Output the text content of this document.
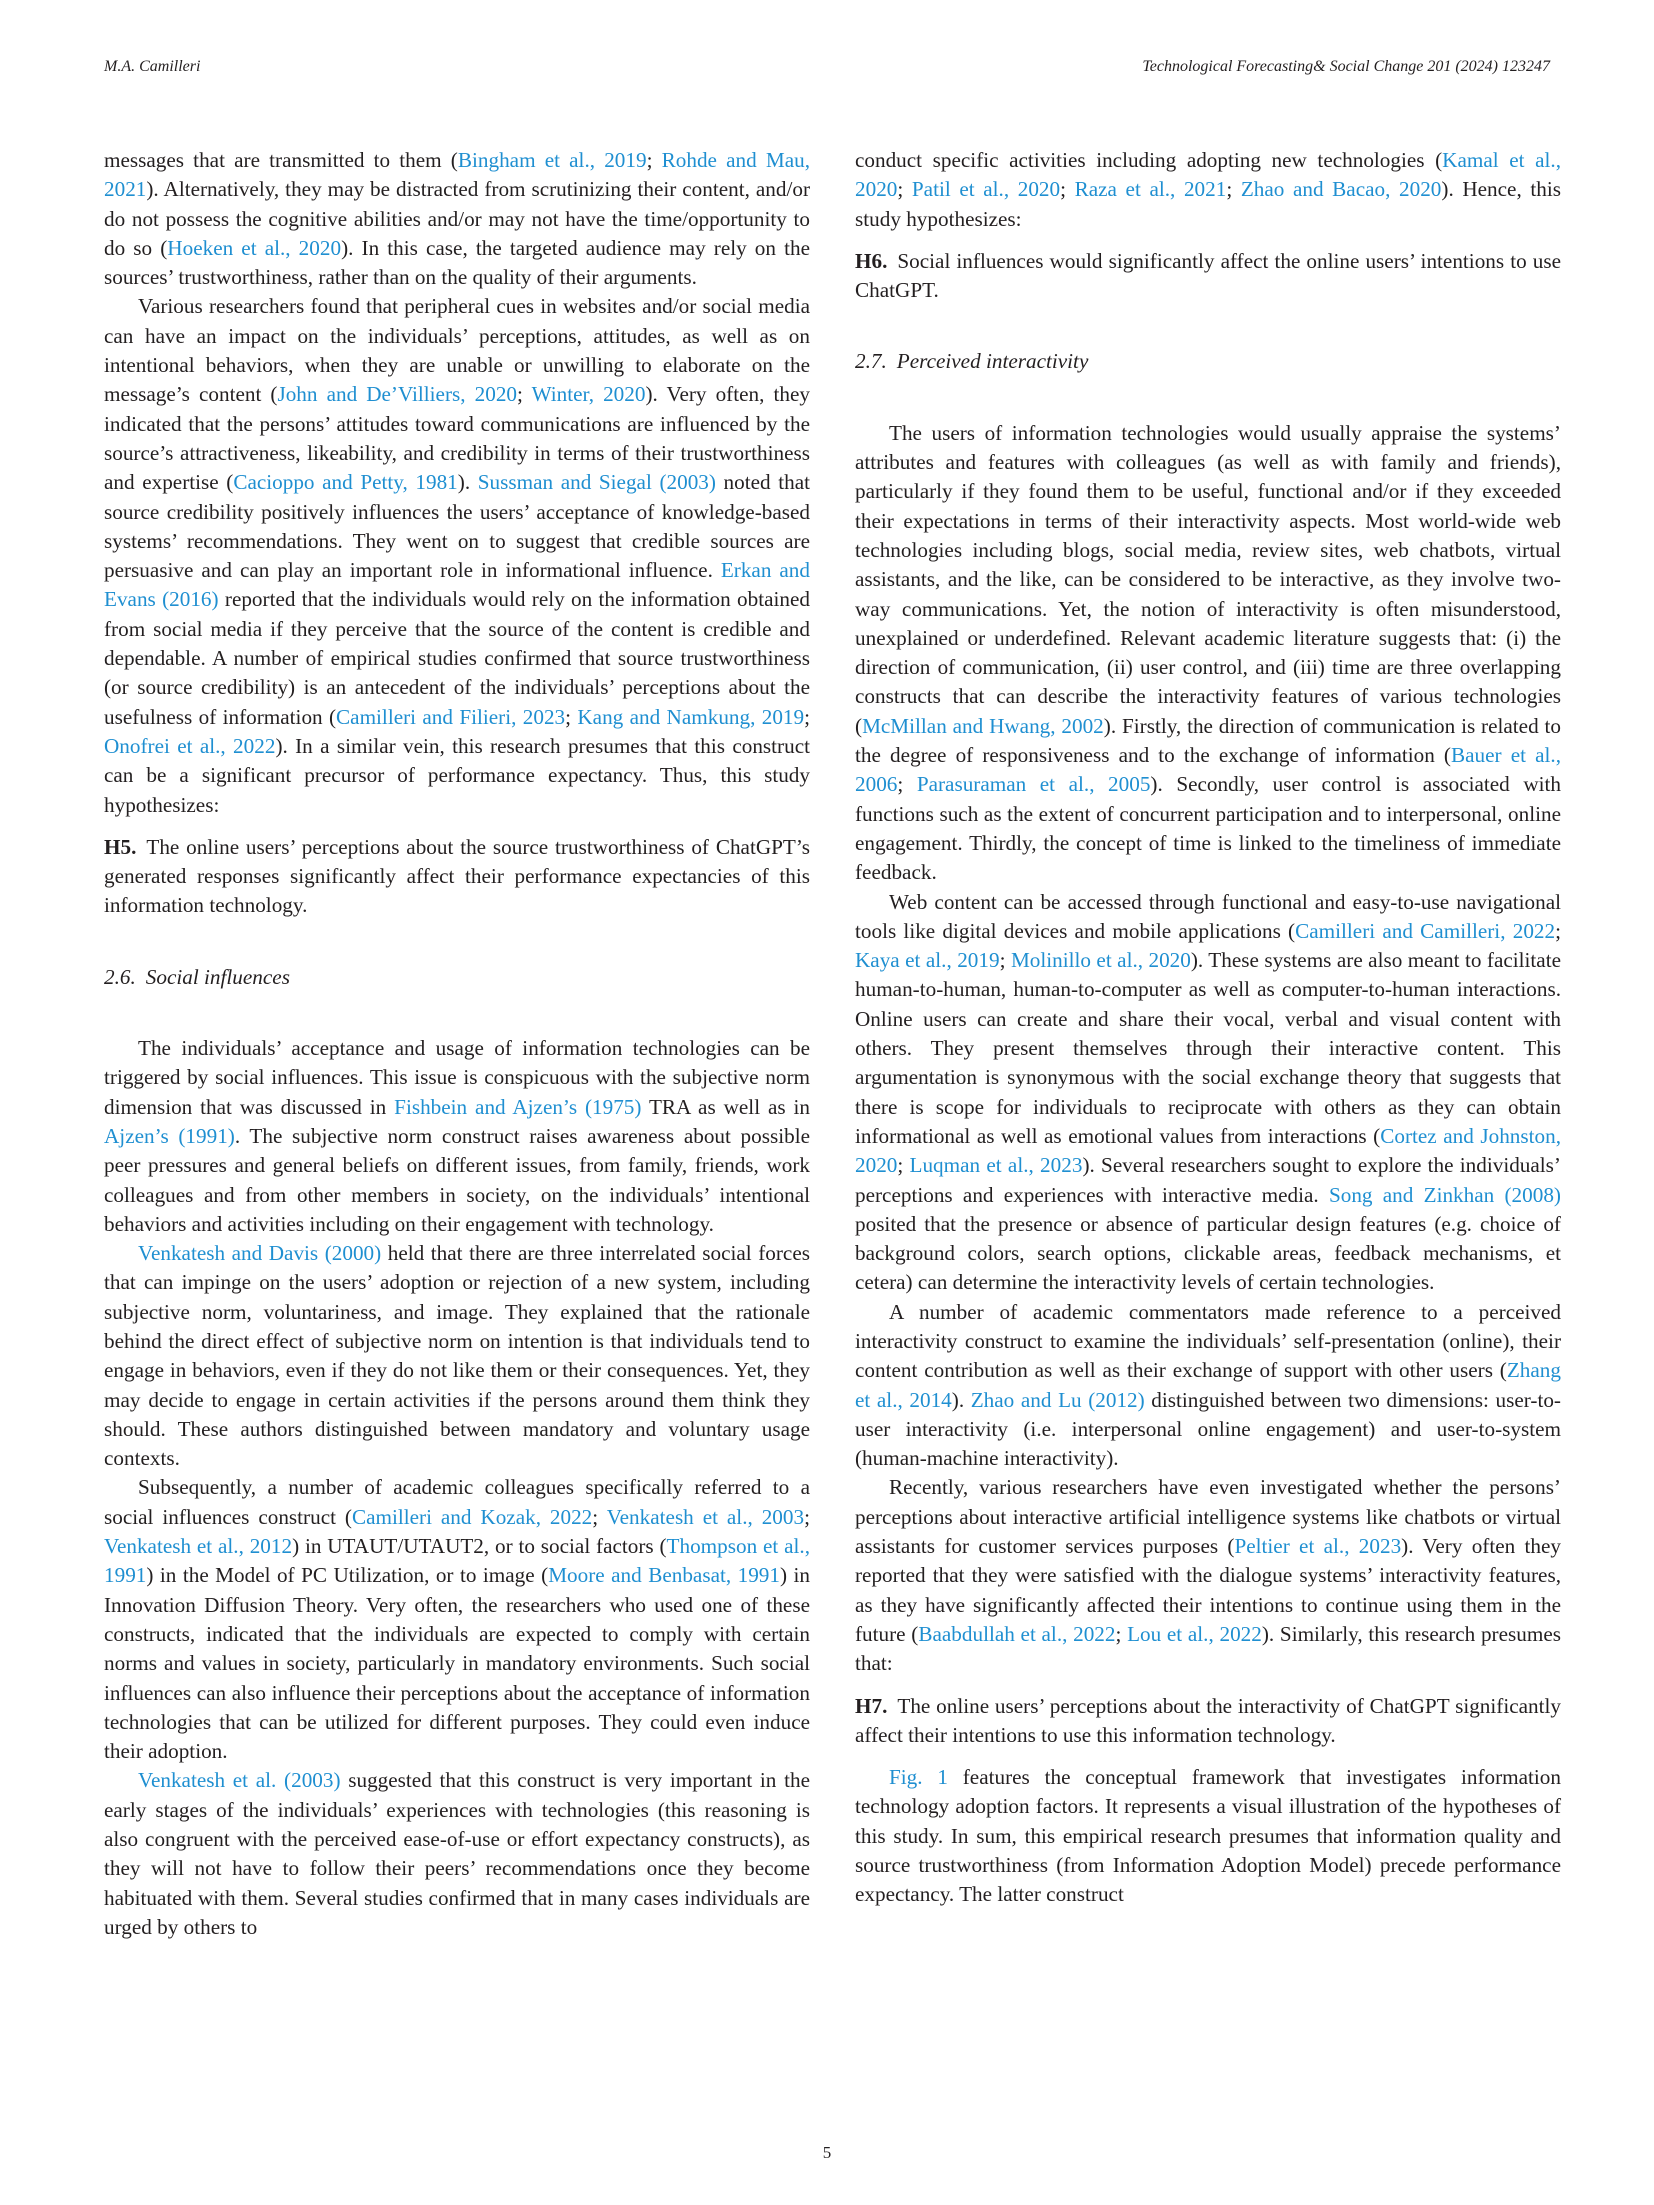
M.A. Camilleri	Technological Forecasting& Social Change 201 (2024) 123247

messages that are transmitted to them (Bingham et al., 2019; Rohde and Mau, 2021). Alternatively, they may be distracted from scrutinizing their content, and/or do not possess the cognitive abilities and/or may not have the time/opportunity to do so (Hoeken et al., 2020). In this case, the targeted audience may rely on the sources’ trustworthiness, rather than on the quality of their arguments.

Various researchers found that peripheral cues in websites and/or social media can have an impact on the individuals’ perceptions, attitudes, as well as on intentional behaviors, when they are unable or unwilling to elaborate on the message’s content (John and De’Villiers, 2020; Winter, 2020). Very often, they indicated that the persons’ attitudes toward communications are influenced by the source’s attractiveness, likeability, and credibility in terms of their trustworthiness and expertise (Cacioppo and Petty, 1981). Sussman and Siegal (2003) noted that source credibility positively influences the users’ acceptance of knowledge-based systems’ recommendations. They went on to suggest that credible sources are persuasive and can play an important role in informational influence. Erkan and Evans (2016) reported that the individuals would rely on the information obtained from social media if they perceive that the source of the content is credible and dependable. A number of empirical studies confirmed that source trustworthiness (or source credibility) is an antecedent of the individuals’ perceptions about the usefulness of information (Camilleri and Filieri, 2023; Kang and Namkung, 2019; Onofrei et al., 2022). In a similar vein, this research presumes that this construct can be a significant precursor of performance expectancy. Thus, this study hypothesizes:

H5. The online users’ perceptions about the source trustworthiness of ChatGPT’s generated responses significantly affect their performance expectancies of this information technology.

2.6. Social influences

The individuals’ acceptance and usage of information technologies can be triggered by social influences. This issue is conspicuous with the subjective norm dimension that was discussed in Fishbein and Ajzen’s (1975) TRA as well as in Ajzen’s (1991). The subjective norm construct raises awareness about possible peer pressures and general beliefs on different issues, from family, friends, work colleagues and from other members in society, on the individuals’ intentional behaviors and activities including on their engagement with technology.

Venkatesh and Davis (2000) held that there are three interrelated social forces that can impinge on the users’ adoption or rejection of a new system, including subjective norm, voluntariness, and image. They explained that the rationale behind the direct effect of subjective norm on intention is that individuals tend to engage in behaviors, even if they do not like them or their consequences. Yet, they may decide to engage in certain activities if the persons around them think they should. These authors distinguished between mandatory and voluntary usage contexts.

Subsequently, a number of academic colleagues specifically referred to a social influences construct (Camilleri and Kozak, 2022; Venkatesh et al., 2003; Venkatesh et al., 2012) in UTAUT/UTAUT2, or to social factors (Thompson et al., 1991) in the Model of PC Utilization, or to image (Moore and Benbasat, 1991) in Innovation Diffusion Theory. Very often, the researchers who used one of these constructs, indicated that the individuals are expected to comply with certain norms and values in society, particularly in mandatory environments. Such social influences can also influence their perceptions about the acceptance of information technologies that can be utilized for different purposes. They could even induce their adoption.

Venkatesh et al. (2003) suggested that this construct is very important in the early stages of the individuals’ experiences with technologies (this reasoning is also congruent with the perceived ease-of-use or effort expectancy constructs), as they will not have to follow their peers’ recommendations once they become habituated with them. Several studies confirmed that in many cases individuals are urged by others to

conduct specific activities including adopting new technologies (Kamal et al., 2020; Patil et al., 2020; Raza et al., 2021; Zhao and Bacao, 2020). Hence, this study hypothesizes:

H6. Social influences would significantly affect the online users’ intentions to use ChatGPT.

2.7. Perceived interactivity

The users of information technologies would usually appraise the systems’ attributes and features with colleagues (as well as with family and friends), particularly if they found them to be useful, functional and/or if they exceeded their expectations in terms of their interactivity aspects. Most world-wide web technologies including blogs, social media, review sites, web chatbots, virtual assistants, and the like, can be considered to be interactive, as they involve two-way communications. Yet, the notion of interactivity is often misunderstood, unexplained or underdefined. Relevant academic literature suggests that: (i) the direction of communication, (ii) user control, and (iii) time are three overlapping constructs that can describe the interactivity features of various technologies (McMillan and Hwang, 2002). Firstly, the direction of communication is related to the degree of responsiveness and to the exchange of information (Bauer et al., 2006; Parasuraman et al., 2005). Secondly, user control is associated with functions such as the extent of concurrent participation and to interpersonal, online engagement. Thirdly, the concept of time is linked to the timeliness of immediate feedback.

Web content can be accessed through functional and easy-to-use navigational tools like digital devices and mobile applications (Camilleri and Camilleri, 2022; Kaya et al., 2019; Molinillo et al., 2020). These systems are also meant to facilitate human-to-human, human-to-computer as well as computer-to-human interactions. Online users can create and share their vocal, verbal and visual content with others. They present themselves through their interactive content. This argumentation is synonymous with the social exchange theory that suggests that there is scope for individuals to reciprocate with others as they can obtain informational as well as emotional values from interactions (Cortez and Johnston, 2020; Luqman et al., 2023). Several researchers sought to explore the individuals’ perceptions and experiences with interactive media. Song and Zinkhan (2008) posited that the presence or absence of particular design features (e.g. choice of background colors, search options, clickable areas, feedback mechanisms, et cetera) can determine the interactivity levels of certain technologies.

A number of academic commentators made reference to a perceived interactivity construct to examine the individuals’ self-presentation (online), their content contribution as well as their exchange of support with other users (Zhang et al., 2014). Zhao and Lu (2012) distinguished between two dimensions: user-to-user interactivity (i.e. interpersonal online engagement) and user-to-system (human-machine interactivity).

Recently, various researchers have even investigated whether the persons’ perceptions about interactive artificial intelligence systems like chatbots or virtual assistants for customer services purposes (Peltier et al., 2023). Very often they reported that they were satisfied with the dialogue systems’ interactivity features, as they have significantly affected their intentions to continue using them in the future (Baabdullah et al., 2022; Lou et al., 2022). Similarly, this research presumes that:

H7. The online users’ perceptions about the interactivity of ChatGPT significantly affect their intentions to use this information technology.

Fig. 1 features the conceptual framework that investigates information technology adoption factors. It represents a visual illustration of the hypotheses of this study. In sum, this empirical research presumes that information quality and source trustworthiness (from Information Adoption Model) precede performance expectancy. The latter construct

5
